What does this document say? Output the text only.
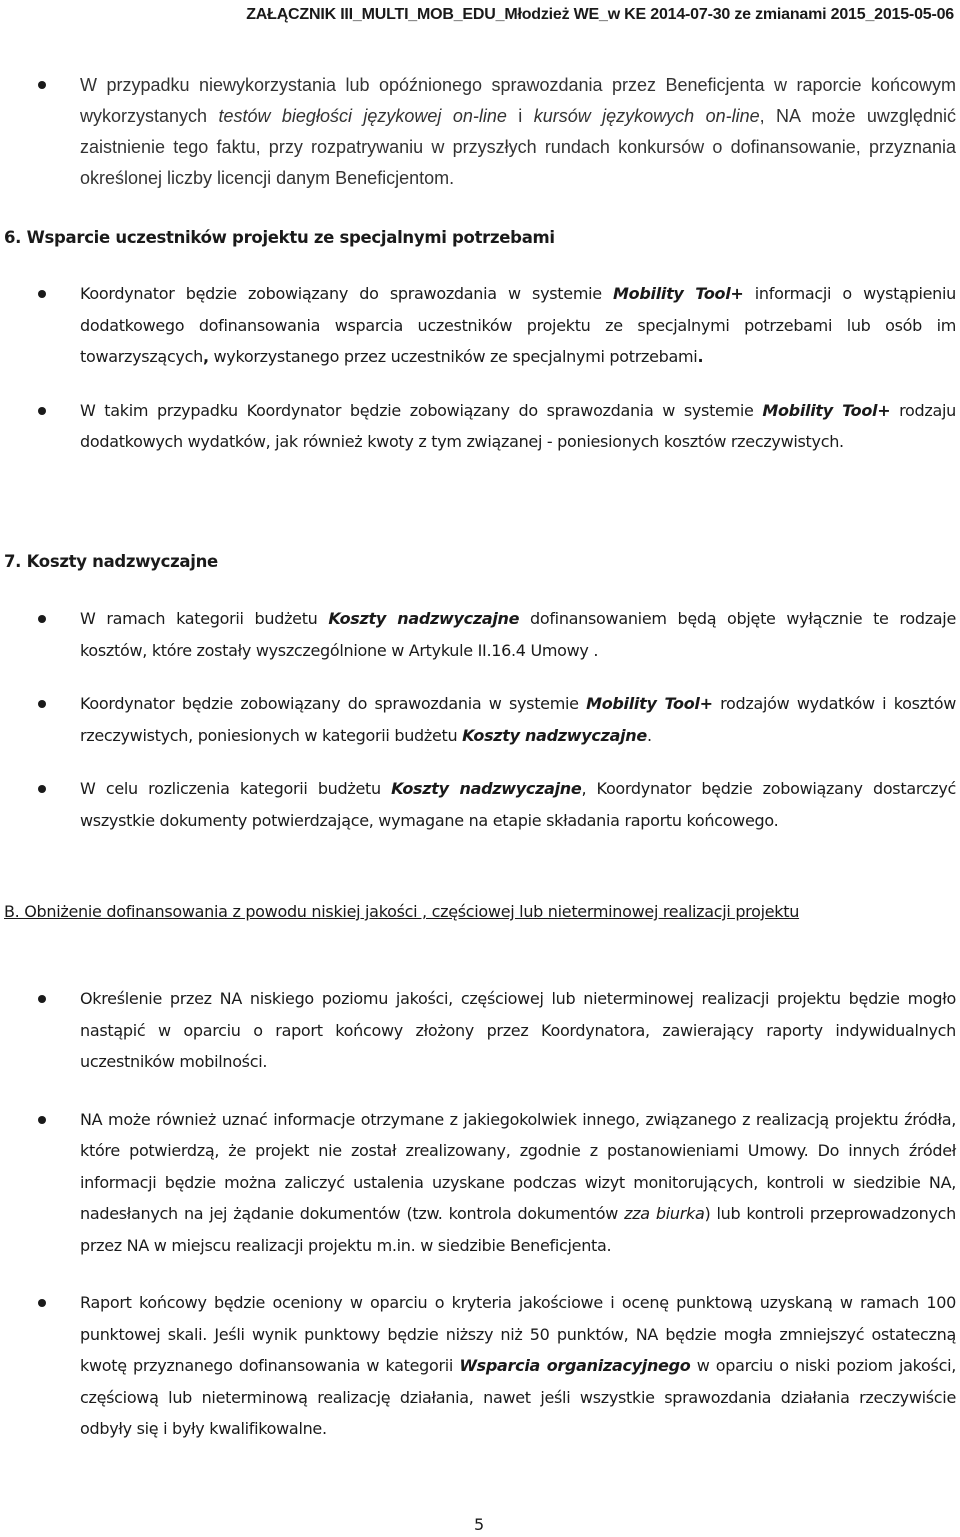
ZAŁĄCZNIK III_MULTI_MOB_EDU_Młodzież WE_w KE 2014-07-30 ze zmianami 2015_2015-05-06
W przypadku niewykorzystania lub opóźnionego sprawozdania przez Beneficjenta w raporcie końcowym wykorzystanych testów biegłości językowej on-line i kursów językowych on-line, NA może uwzględnić zaistnienie tego faktu, przy rozpatrywaniu w przyszłych rundach konkursów o dofinansowanie, przyznania określonej liczby licencji danym Beneficjentom.
6. Wsparcie uczestników projektu ze specjalnymi potrzebami
Koordynator będzie zobowiązany do sprawozdania w systemie Mobility Tool+ informacji o wystąpieniu dodatkowego dofinansowania wsparcia uczestników projektu ze specjalnymi potrzebami lub osób im towarzyszących, wykorzystanego przez uczestników ze specjalnymi potrzebami.
W takim przypadku Koordynator będzie zobowiązany do sprawozdania w systemie Mobility Tool+ rodzaju dodatkowych wydatków, jak również kwoty z tym związanej - poniesionych kosztów rzeczywistych.
7. Koszty nadzwyczajne
W ramach kategorii budżetu Koszty nadzwyczajne dofinansowaniem będą objęte wyłącznie te rodzaje kosztów, które zostały wyszczególnione w Artykule II.16.4 Umowy .
Koordynator będzie zobowiązany do sprawozdania w systemie Mobility Tool+ rodzajów wydatków i kosztów rzeczywistych, poniesionych w kategorii budżetu Koszty nadzwyczajne.
W celu rozliczenia kategorii budżetu Koszty nadzwyczajne, Koordynator będzie zobowiązany dostarczyć wszystkie dokumenty potwierdzające, wymagane na etapie składania raportu końcowego.
B. Obniżenie dofinansowania z powodu niskiej jakości , częściowej lub nieterminowej realizacji projektu
Określenie przez NA niskiego poziomu jakości, częściowej lub nieterminowej realizacji projektu będzie mogło nastąpić w oparciu o raport końcowy złożony przez Koordynatora, zawierający raporty indywidualnych uczestników mobilności.
NA może również uznać informacje otrzymane z jakiegokolwiek innego, związanego z realizacją projektu źródła, które potwierdzą, że projekt nie został zrealizowany, zgodnie z postanowieniami Umowy. Do innych źródeł informacji będzie można zaliczyć ustalenia uzyskane podczas wizyt monitorujących, kontroli w siedzibie NA, nadesłanych na jej żądanie dokumentów (tzw. kontrola dokumentów zza biurka) lub kontroli przeprowadzonych przez NA w miejscu realizacji projektu m.in. w siedzibie Beneficjenta.
Raport końcowy będzie oceniony w oparciu o kryteria jakościowe i ocenę punktową uzyskaną w ramach 100 punktowej skali. Jeśli wynik punktowy będzie niższy niż 50 punktów, NA będzie mogła zmniejszyć ostateczną kwotę przyznanego dofinansowania w kategorii Wsparcia organizacyjnego w oparciu o niski poziom jakości, częściową lub nieterminową realizację działania, nawet jeśli wszystkie sprawozdania działania rzeczywiście odbyły się i były kwalifikowalne.
5
